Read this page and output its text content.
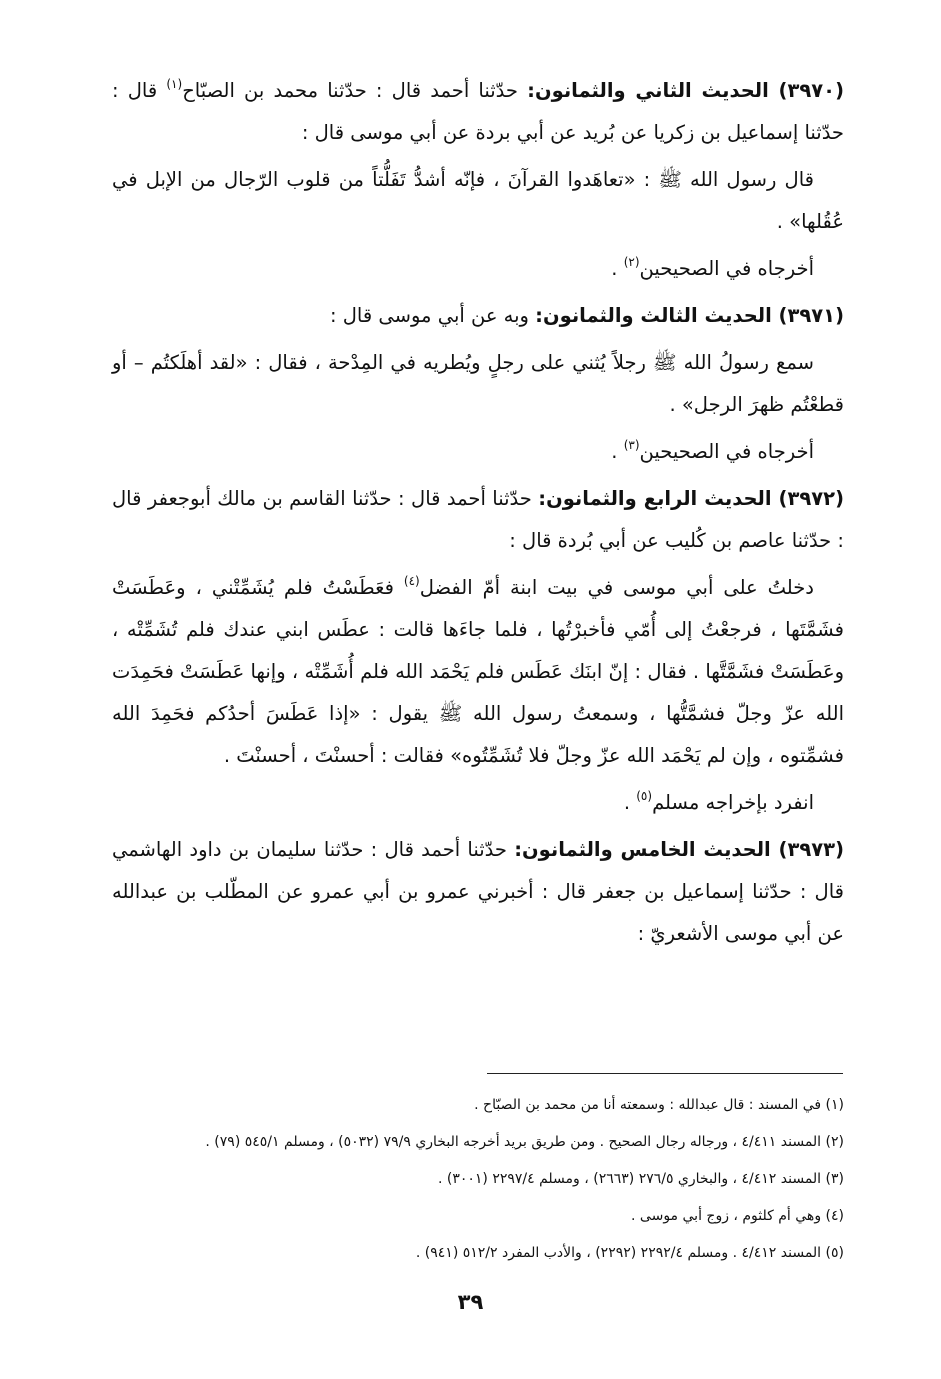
(٣٩٧٠) الحديث الثاني والثمانون: حدّثنا أحمد قال : حدّثنا محمد بن الصبّاح$^{(١)}$ قال : حدّثنا إسماعيل بن زكريا عن بُريد عن أبي بردة عن أبي موسى قال :

قال رسول الله ﷺ : «تعاهَدوا القرآنَ ، فإنّه أشدُّ تَفَلُّتاً من قلوب الرّجال من الإبل في عُقُلها» .

أخرجاه في الصحيحين$^{(٢)}$ .

(٣٩٧١) الحديث الثالث والثمانون: وبه عن أبي موسى قال :

سمع رسولُ الله ﷺ رجلاً يُثني على رجلٍ ويُطريه في المِدْحة ، فقال : «لقد أهلَكتُم – أو قطعْتُم ظهرَ الرجل» .

أخرجاه في الصحيحين$^{(٣)}$ .

(٣٩٧٢) الحديث الرابع والثمانون: حدّثنا أحمد قال : حدّثنا القاسم بن مالك أبوجعفر قال : حدّثنا عاصم بن كُليب عن أبي بُردة قال :

دخلتُ على أبي موسى في بيت ابنة أمّ الفضل$^{(٤)}$ فعَطَسْتُ فلم يُشَمِّتْني ، وعَطَسَتْ فشَمَّتَها ، فرجعْتُ إلى أُمّي فأخبرْتُها ، فلما جاءَها قالت : عطَس ابني عندك فلم تُشَمِّتْه ، وعَطَسَتْ فشَمَّتَّها . فقال : إنّ ابنَك عَطَس فلم يَحْمَد الله فلم أُشَمِّتْه ، وإنها عَطَسَتْ فحَمِدَت الله عزّ وجلّ فشمَّتُّها ، وسمعتُ رسول الله ﷺ يقول : «إذا عَطَسَ أحدُكم فحَمِدَ الله فشمِّتوه ، وإن لم يَحْمَد الله عزّ وجلّ فلا تُشَمِّتُوه» فقالت : أحسنْتَ ، أحسنْتَ .

انفرد بإخراجه مسلم$^{(٥)}$ .

(٣٩٧٣) الحديث الخامس والثمانون: حدّثنا أحمد قال : حدّثنا سليمان بن داود الهاشمي قال : حدّثنا إسماعيل بن جعفر قال : أخبرني عمرو بن أبي عمرو عن المطّلب بن عبدالله عن أبي موسى الأشعريّ :

(١) في المسند : قال عبدالله : وسمعته أنا من محمد بن الصبّاح .

(٢) المسند ٤/٤١١ ، ورجاله رجال الصحيح . ومن طريق بريد أخرجه البخاري ٧٩/٩ (٥٠٣٢) ، ومسلم ٥٤٥/١ (٧٩) .

(٣) المسند ٤/٤١٢ ، والبخاري ٢٧٦/٥ (٢٦٦٣) ، ومسلم ٢٢٩٧/٤ (٣٠٠١) .

(٤) وهي أم كلثوم ، زوج أبي موسى .

(٥) المسند ٤/٤١٢ . ومسلم ٢٢٩٢/٤ (٢٢٩٢) ، والأدب المفرد ٥١٢/٢ (٩٤١) .

٣٩
